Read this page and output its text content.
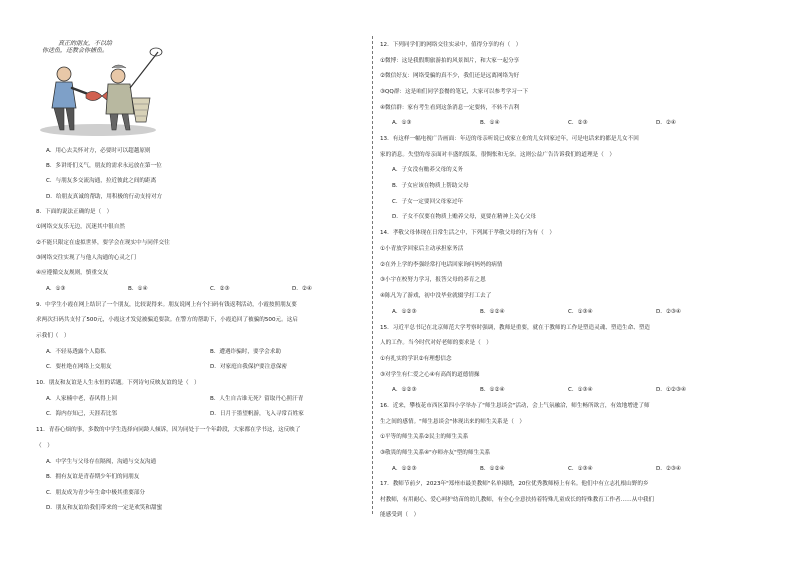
真正的朋友，不以给
你送鱼，还教会你捕鱼。
A．用心去关怀对方，必要时可以超越原则
B．多讲哥们义气，朋友的需求永远放在第一位
C．与朋友多交流沟通，拉近彼此之间的距离
D．给朋友真诚的帮助，用积极的行动支持对方
8．下面的说法正确的是（　）
①网络交友乐无边，沉迷其中很自然
②不能只限定在虚拟世界，要学会在现实中与同伴交往
③网络交往实现了与他人沟通的心灵之门
④应遵循交友规则，慎重交友
A．①③	B．①④	C．②③	D．②④
9．中学生小霞在网上结识了一个朋友，比较说得来。朋友说网上有个扫码有钱返利活动，小霞按照朋友要
求两次扫码共支付了500元，小霞这才发觉被骗追要款。在警方的帮助下，小霞追回了被骗的500元。这启
示我们（　）
A．不轻易透露个人隐私	B．遭遇诈骗时，要学会求助
C．要杜绝在网络上交朋友	D．对家庭自我保护要注意保密
10．朋友和友谊是人生永恒的话题。下列诗句反映友谊的是（　）
A．人家楠中老，春风得上回	B．人生自古谁无死？留取丹心照汗青
C．海内存知己，天涯若比邻	D．日月于墨望帆游，飞入寻常百姓家
11．青春心烦的事，多数的中学生选择向同龄人倾诉，因为同处于一个年龄段，大家都在学书这，这反映了
（　）
A．中学生与父母存在隔阂，沟通与交友沟通
B．拥有友谊是青春期少年们的同朋友
C．朋友成为青少年生命中极其重要部分
D．朋友和友谊给我们带来的一定是欢笑和甜蜜
12．下列同学们的网络交往实录中，值得分享的有（　）
①微博：这是我假期旅游拍的风景图片，和大家一起分享
②微信好友：网络受骗的真不少，我们还是远离网络为好
③QQ群：这是咱们同学套餐的笔记，大家可以参考学习一下
④微信群：家有考生看到这条消息一定要转，不转不吉利
A．①③	B．①④	C．②③	D．②④
13．有这样一幅电视广告画面：年迈的母亲听说已成家立业的儿女回家过年，可是电话来的都是儿女不回
家的消息。失望的母亲面对丰盛的饭菜，很惆怅和无奈。这则公益广告告诉我们的道理是（　）
A．子女没有赡养父母的义务
B．子女应该在物质上帮助父母
C．子女一定要回父母家过年
D．子女不仅要在物质上赡养父母，更要在精神上关心父母
14．孝敬父母体现在日常生活之中，下列属于孝敬父母的行为有（　）
①小青放学回家后主动承担家务活
②在外上学的李强经常打电话回家询问妈妈的病情
③小宇在校努力学习，报答父母的养育之恩
④陈凡为了游戏，初中没毕业就辍学打工去了
A．①②③	B．①②④	C．①③④	D．②③④
15．习近平总书记在北京师范大学考察时强调，教师是重要，就在于教师的工作是塑造灵魂、塑造生命、塑造
人的工作。当今时代对好老师的要求是（　）
①有扎实的学识②有理想信念
③对学生有仁爱之心④有高尚的道德情操
A．①②③	B．①②④	C．①③④	D．①②③④
16．近来，攀枝花市西区第四小学举办了"师生恳谈会"活动，会上气氛融洽，师生畅所欲言，有效地增进了师
生之间的感情。"师生恳谈会"体现出来的师生关系是（　）
①平等的师生关系②民主的师生关系
③敬畏的师生关系④"亦师亦友"型的师生关系
A．①②③	B．①②④	C．①③④	D．②③④
17．教师节前夕，2023年"郑州市最美教师"名单揭晓，20位优秀教师榜上有名。他们中有立志扎根山野的乡
村教师，有用耐心、爱心呵护幼苗的幼儿教师，有全心全意扶持着特殊儿童成长的特殊教育工作者……从中我们
能感受到（　）
